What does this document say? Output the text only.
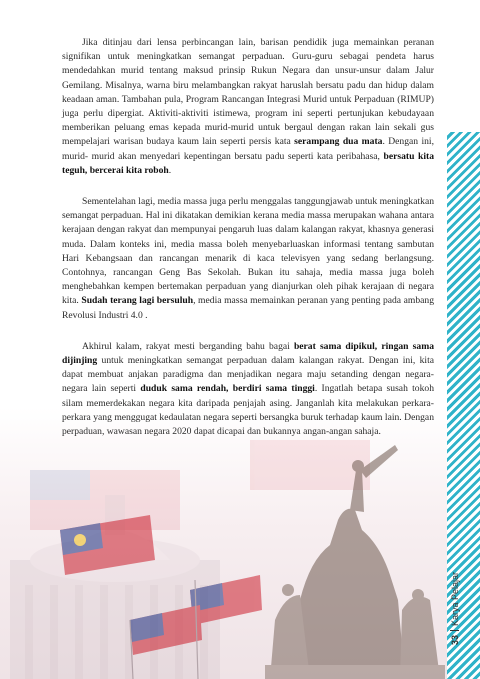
Jika ditinjau dari lensa perbincangan lain, barisan pendidik juga memainkan peranan signifikan untuk meningkatkan semangat perpaduan. Guru-guru sebagai pendeta harus mendedahkan murid tentang maksud prinsip Rukun Negara dan unsur-unsur dalam Jalur Gemilang. Misalnya, warna biru melambangkan rakyat haruslah bersatu padu dan hidup dalam keadaan aman. Tambahan pula, Program Rancangan Integrasi Murid untuk Perpaduan (RIMUP) juga perlu dipergiat. Aktiviti-aktiviti istimewa, program ini seperti pertunjukan kebudayaan memberikan peluang emas kepada murid-murid untuk bergaul dengan rakan lain sekali gus mempelajari warisan budaya kaum lain seperti persis kata serampang dua mata. Dengan ini, murid- murid akan menyedari kepentingan bersatu padu seperti kata peribahasa, bersatu kita teguh, bercerai kita roboh.

Sementelahan lagi, media massa juga perlu menggalas tanggungjawab untuk meningkatkan semangat perpaduan. Hal ini dikatakan demikian kerana media massa merupakan wahana antara kerajaan dengan rakyat dan mempunyai pengaruh luas dalam kalangan rakyat, khasnya generasi muda. Dalam konteks ini, media massa boleh menyebarluaskan informasi tentang sambutan Hari Kebangsaan dan rancangan menarik di kaca televisyen yang sedang berlangsung. Contohnya, rancangan Geng Bas Sekolah. Bukan itu sahaja, media massa juga boleh menghebahkan kempen bertemakan perpaduan yang dianjurkan oleh pihak kerajaan di negara kita. Sudah terang lagi bersuluh, media massa memainkan peranan yang penting pada ambang Revolusi Industri 4.0 .

Akhirul kalam, rakyat mesti berganding bahu bagai berat sama dipikul, ringan sama dijinjing untuk meningkatkan semangat perpaduan dalam kalangan rakyat. Dengan ini, kita dapat membuat anjakan paradigma dan menjadikan negara maju setanding dengan negara-negara lain seperti duduk sama rendah, berdiri sama tinggi. Ingatlah betapa susah tokoh silam memerdekakan negara kita daripada penjajah asing. Janganlah kita melakukan perkara-perkara yang menggugat kedaulatan negara seperti bersangka buruk terhadap kaum lain. Dengan perpaduan, wawasan negara 2020 dapat dicapai dan bukannya angan-angan sahaja.

33Karya Pelajar
